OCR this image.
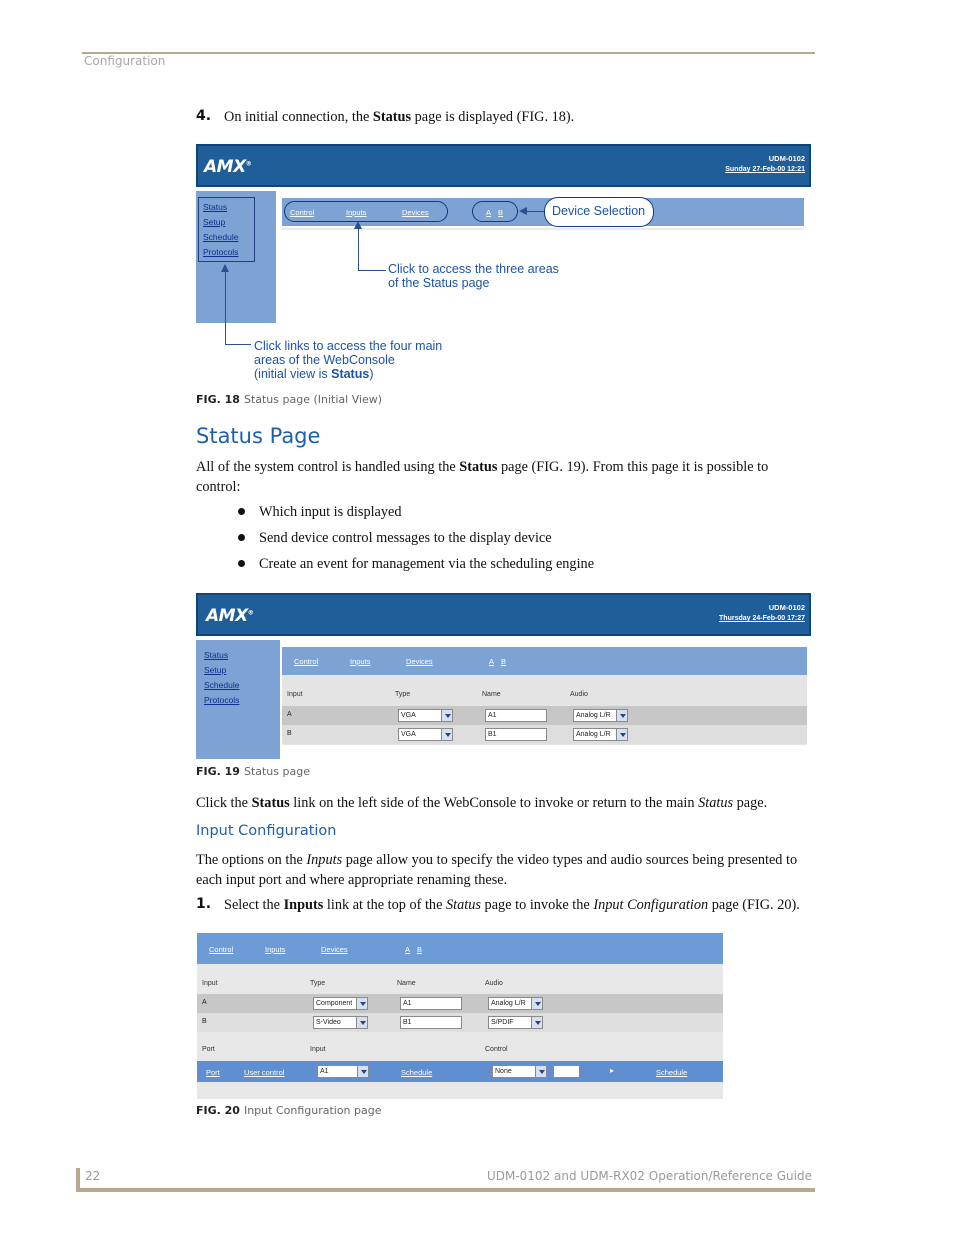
Configuration
4. On initial connection, the Status page is displayed (FIG. 18).
AMX®
UDM-0102
Sunday 27-Feb-00 12:21
Status
Setup
Schedule
Protocols
Control	Inputs	Devices	A B	Device Selection
Click to access the three areas
of the Status page
Click links to access the four main
areas of the WebConsole
(initial view is Status)
FIG. 18 Status page (Initial View)
Status Page
All of the system control is handled using the Status page (FIG. 19). From this page it is possible to
control:
Which input is displayed
Send device control messages to the display device
Create an event for management via the scheduling engine
AMX®
UDM-0102
Thursday 24-Feb-00 17:27
Status
Setup
Schedule
Protocols
Control	Inputs	Devices	A B
Input	Type	Name	Audio
A	VGA	A1	Analog L/R
B	VGA	B1	Analog L/R
FIG. 19 Status page
Click the Status link on the left side of the WebConsole to invoke or return to the main Status page.
Input Configuration
The options on the Inputs page allow you to specify the video types and audio sources being presented to
each input port and where appropriate renaming these.
1. Select the Inputs link at the top of the Status page to invoke the Input Configuration page (FIG. 20).
Control	Inputs	Devices	A B
Input	Type	Name	Audio
A	Component	A1	Analog L/R
B	S-Video	B1	S/PDIF
Port	Input	Control
Port	User control	A1	Schedule	None	▸	Schedule
FIG. 20 Input Configuration page
22	UDM-0102 and UDM-RX02 Operation/Reference Guide
